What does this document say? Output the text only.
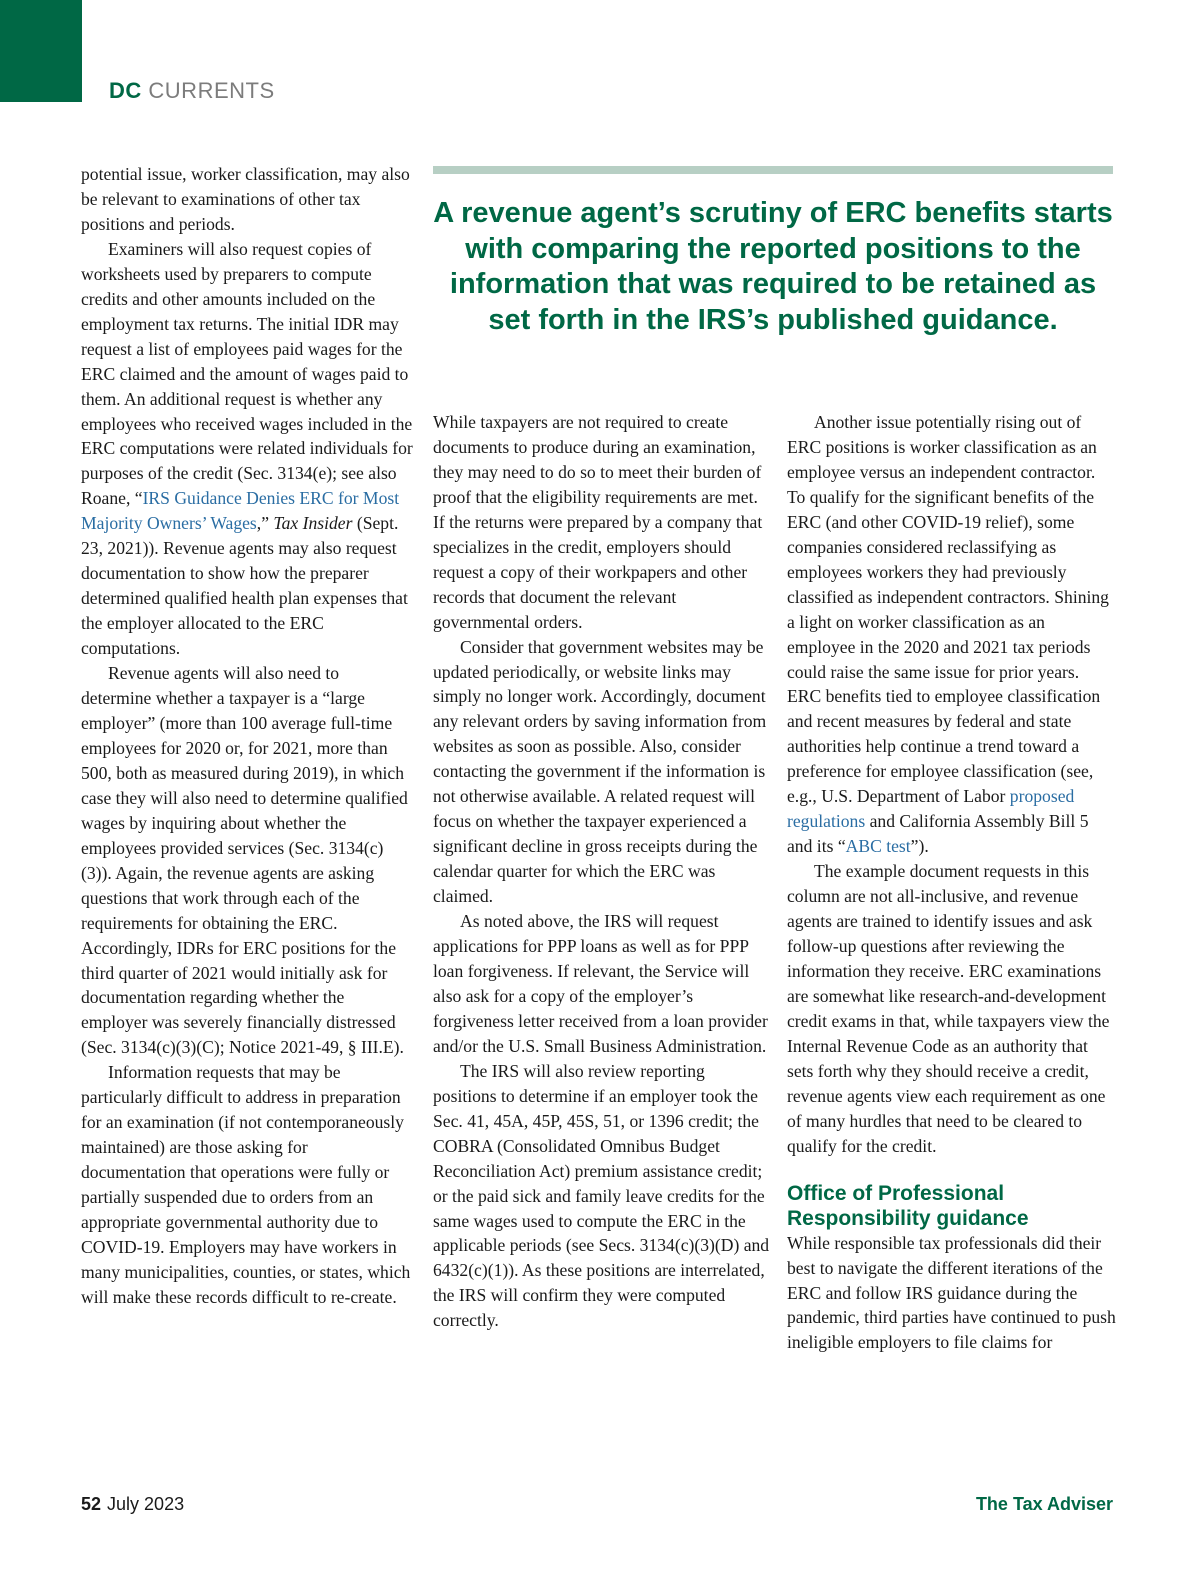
DC CURRENTS

potential issue, worker classification, may also be relevant to examinations of other tax positions and periods.

Examiners will also request copies of worksheets used by preparers to compute credits and other amounts included on the employment tax returns. The initial IDR may request a list of employees paid wages for the ERC claimed and the amount of wages paid to them. An additional request is whether any employees who received wages included in the ERC computations were related individuals for purposes of the credit (Sec. 3134(e); see also Roane, “IRS Guidance Denies ERC for Most Majority Owners’ Wages,” Tax Insider (Sept. 23, 2021)). Revenue agents may also request documentation to show how the preparer determined qualified health plan expenses that the employer allocated to the ERC computations.

Revenue agents will also need to determine whether a taxpayer is a “large employer” (more than 100 average full-time employees for 2020 or, for 2021, more than 500, both as measured during 2019), in which case they will also need to determine qualified wages by inquiring about whether the employees provided services (Sec. 3134(c)(3)). Again, the revenue agents are asking questions that work through each of the requirements for obtaining the ERC. Accordingly, IDRs for ERC positions for the third quarter of 2021 would initially ask for documentation regarding whether the employer was severely financially distressed (Sec. 3134(c)(3)(C); Notice 2021-49, § III.E).

Information requests that may be particularly difficult to address in preparation for an examination (if not contemporaneously maintained) are those asking for documentation that operations were fully or partially suspended due to orders from an appropriate governmental authority due to COVID-19. Employers may have workers in many municipalities, counties, or states, which will make these records difficult to re-create.

A revenue agent’s scrutiny of ERC benefits starts with comparing the reported positions to the information that was required to be retained as set forth in the IRS’s published guidance.

While taxpayers are not required to create documents to produce during an examination, they may need to do so to meet their burden of proof that the eligibility requirements are met. If the returns were prepared by a company that specializes in the credit, employers should request a copy of their workpapers and other records that document the relevant governmental orders.

Consider that government websites may be updated periodically, or website links may simply no longer work. Accordingly, document any relevant orders by saving information from websites as soon as possible. Also, consider contacting the government if the information is not otherwise available. A related request will focus on whether the taxpayer experienced a significant decline in gross receipts during the calendar quarter for which the ERC was claimed.

As noted above, the IRS will request applications for PPP loans as well as for PPP loan forgiveness. If relevant, the Service will also ask for a copy of the employer’s forgiveness letter received from a loan provider and/or the U.S. Small Business Administration.

The IRS will also review reporting positions to determine if an employer took the Sec. 41, 45A, 45P, 45S, 51, or 1396 credit; the COBRA (Consolidated Omnibus Budget Reconciliation Act) premium assistance credit; or the paid sick and family leave credits for the same wages used to compute the ERC in the applicable periods (see Secs. 3134(c)(3)(D) and 6432(c)(1)). As these positions are interrelated, the IRS will confirm they were computed correctly.

Another issue potentially rising out of ERC positions is worker classification as an employee versus an independent contractor. To qualify for the significant benefits of the ERC (and other COVID-19 relief), some companies considered reclassifying as employees workers they had previously classified as independent contractors. Shining a light on worker classification as an employee in the 2020 and 2021 tax periods could raise the same issue for prior years. ERC benefits tied to employee classification and recent measures by federal and state authorities help continue a trend toward a preference for employee classification (see, e.g., U.S. Department of Labor proposed regulations and California Assembly Bill 5 and its “ABC test”).

The example document requests in this column are not all-inclusive, and revenue agents are trained to identify issues and ask follow-up questions after reviewing the information they receive. ERC examinations are somewhat like research-and-development credit exams in that, while taxpayers view the Internal Revenue Code as an authority that sets forth why they should receive a credit, revenue agents view each requirement as one of many hurdles that need to be cleared to qualify for the credit.

Office of Professional Responsibility guidance

While responsible tax professionals did their best to navigate the different iterations of the ERC and follow IRS guidance during the pandemic, third parties have continued to push ineligible employers to file claims for

52 July 2023	The Tax Adviser
